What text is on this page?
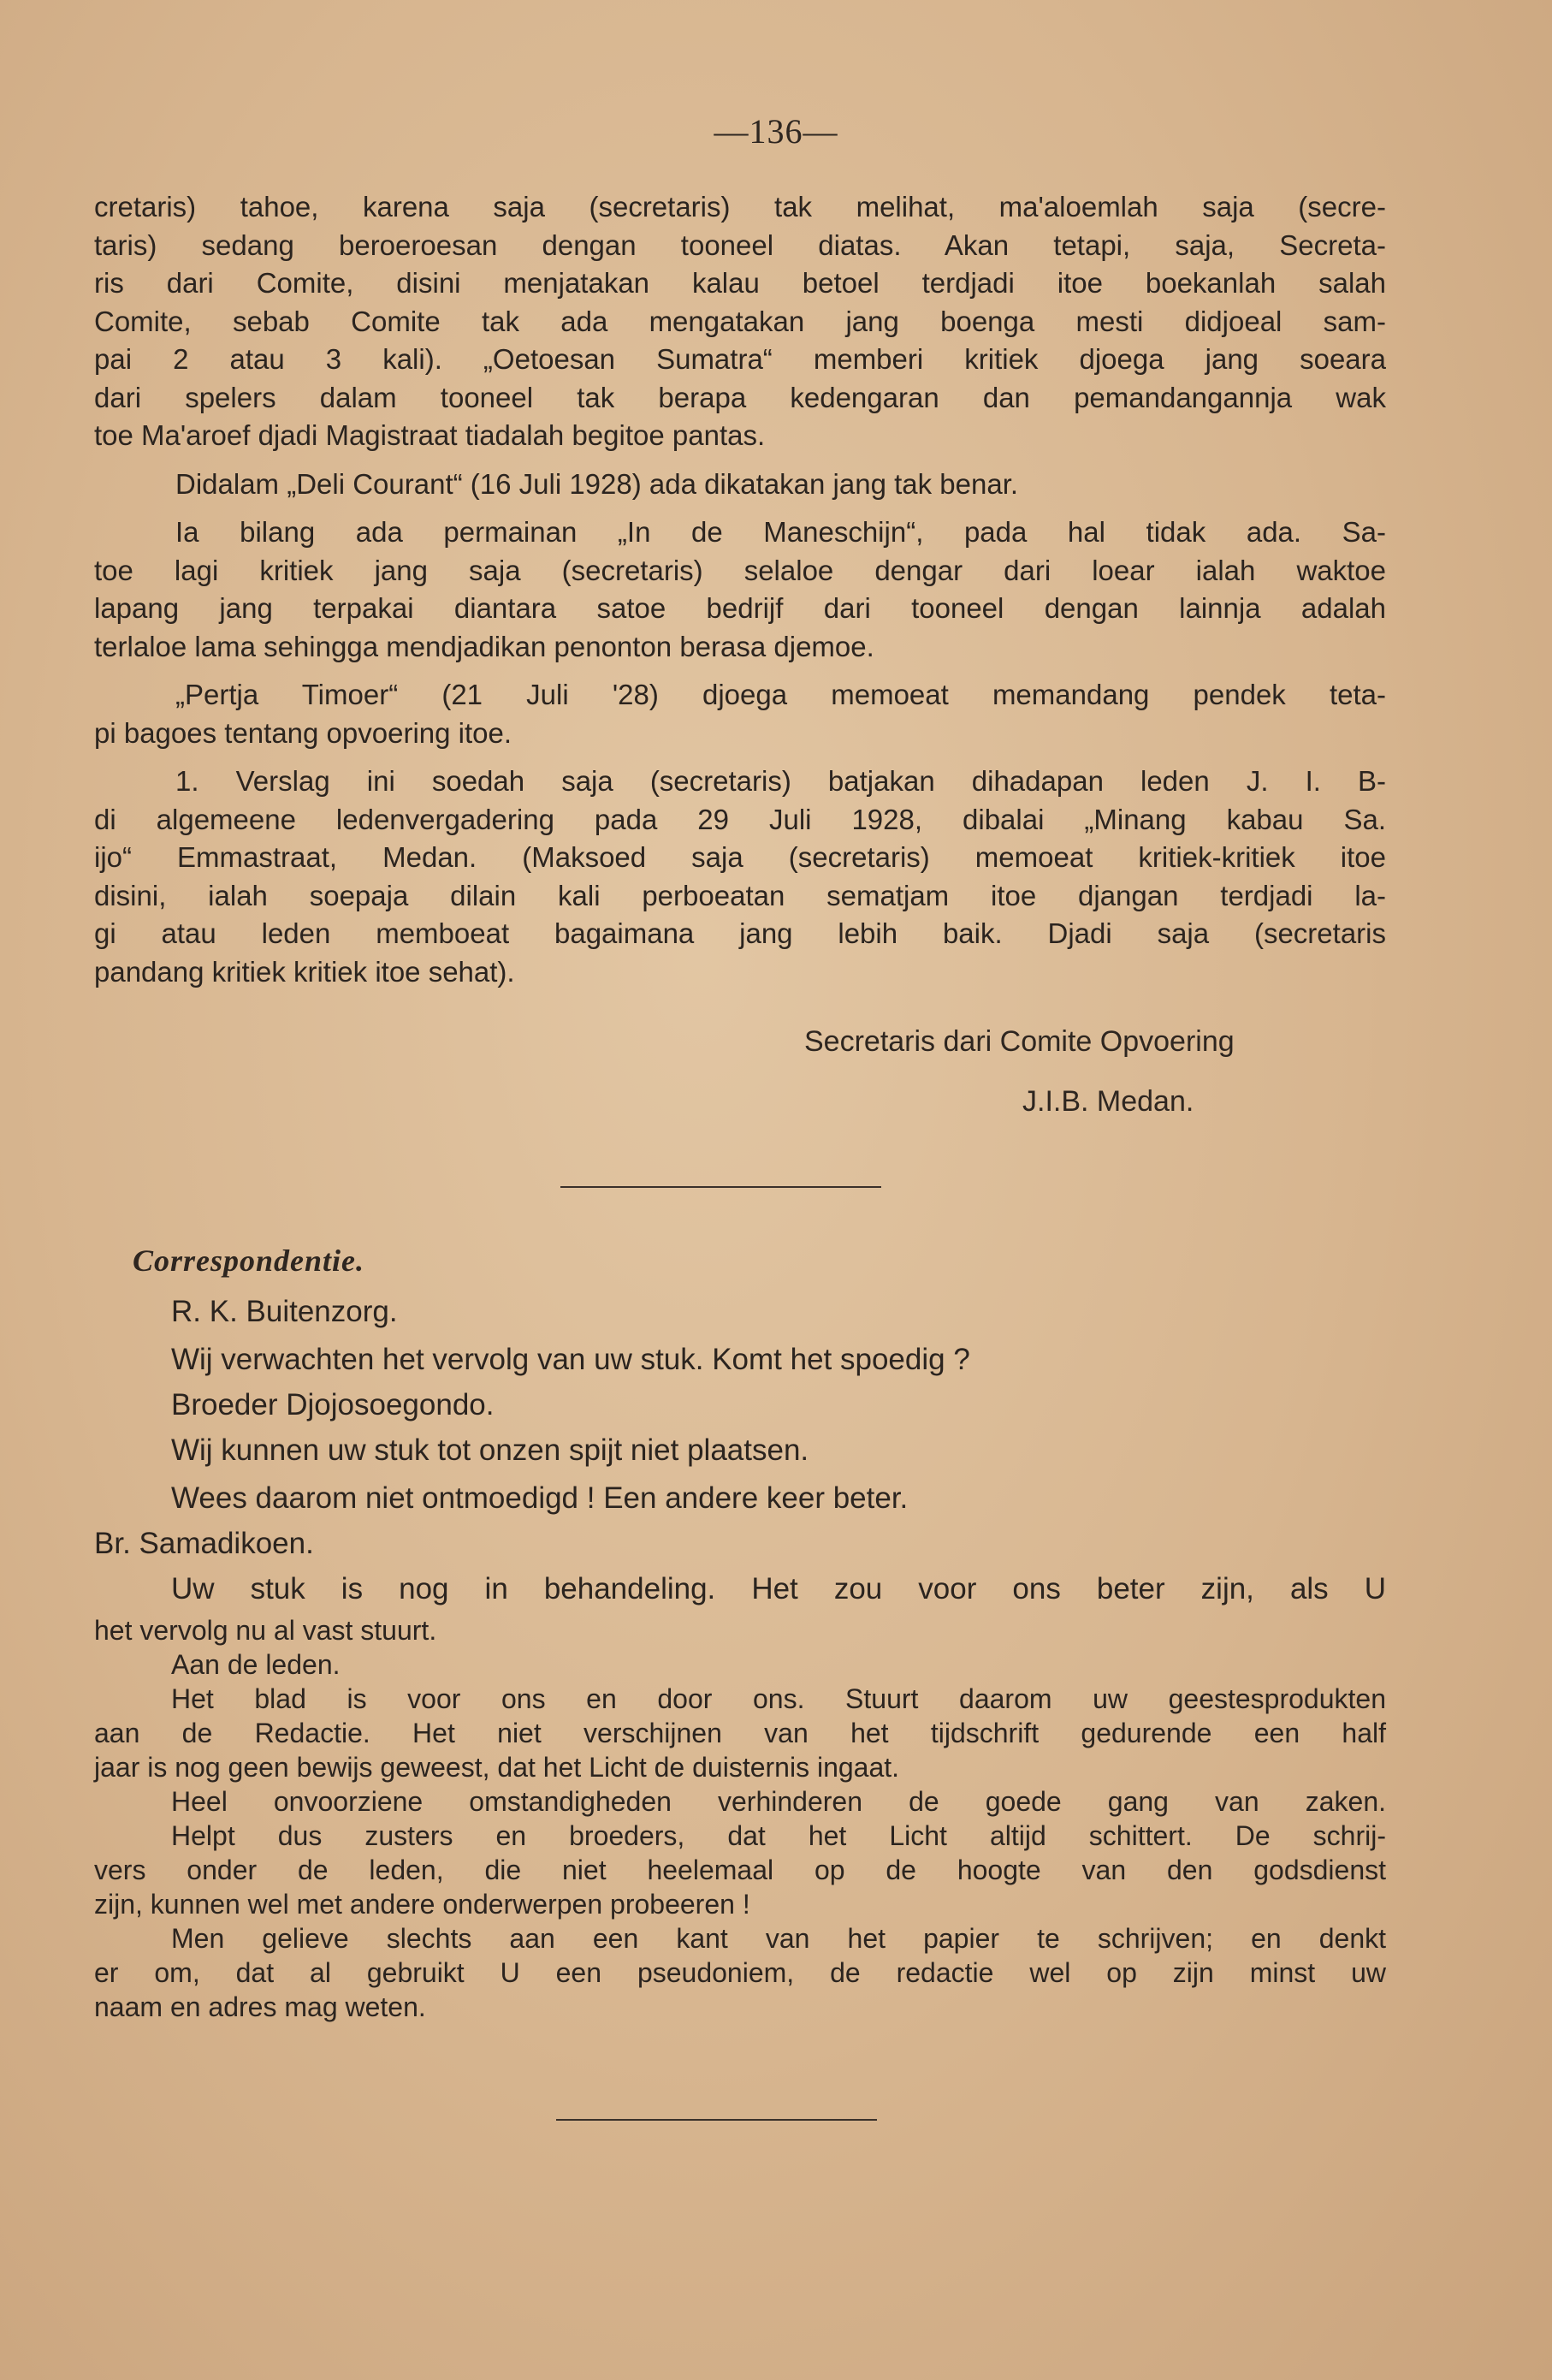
—136—
cretaris) tahoe, karena saja (secretaris) tak melihat, ma'aloemlah saja (secre-
taris) sedang beroeroesan dengan tooneel diatas. Akan tetapi, saja, Secreta-
ris dari Comite, disini menjatakan kalau betoel terdjadi itoe boekanlah salah
Comite, sebab Comite tak ada mengatakan jang boenga mesti didjoeal sam-
pai 2 atau 3 kali). „Oetoesan Sumatra“ memberi kritiek djoega jang soeara
dari spelers dalam tooneel tak berapa kedengaran dan pemandangannja wak
toe Ma'aroef djadi Magistraat tiadalah begitoe pantas.
Didalam „Deli Courant“ (16 Juli 1928) ada dikatakan jang tak benar.
Ia bilang ada permainan „In de Maneschijn“, pada hal tidak ada. Sa-
toe lagi kritiek jang saja (secretaris) selaloe dengar dari loear ialah waktoe
lapang jang terpakai diantara satoe bedrijf dari tooneel dengan lainnja adalah
terlaloe lama sehingga mendjadikan penonton berasa djemoe.
„Pertja Timoer“ (21 Juli '28) djoega memoeat memandang pendek teta-
pi bagoes tentang opvoering itoe.
1. Verslag ini soedah saja (secretaris) batjakan dihadapan leden J. I. B-
di algemeene ledenvergadering pada 29 Juli 1928, dibalai „Minang kabau Sa.
ijo“ Emmastraat, Medan. (Maksoed saja (secretaris) memoeat kritiek-kritiek itoe
disini, ialah soepaja dilain kali perboeatan sematjam itoe djangan terdjadi la-
gi atau leden memboeat bagaimana jang lebih baik. Djadi saja (secretaris
pandang kritiek kritiek itoe sehat).
Secretaris dari Comite Opvoering
J.I.B. Medan.
Correspondentie.
R. K. Buitenzorg.
Wij verwachten het vervolg van uw stuk. Komt het spoedig ?
Broeder Djojosoegondo.
Wij kunnen uw stuk tot onzen spijt niet plaatsen.
Wees daarom niet ontmoedigd ! Een andere keer beter.
Br. Samadikoen.
Uw stuk is nog in behandeling. Het zou voor ons beter zijn, als U
het vervolg nu al vast stuurt.
Aan de leden.
Het blad is voor ons en door ons. Stuurt daarom uw geestesprodukten
aan de Redactie. Het niet verschijnen van het tijdschrift gedurende een half
jaar is nog geen bewijs geweest, dat het Licht de duisternis ingaat.
Heel onvoorziene omstandigheden verhinderen de goede gang van zaken.
Helpt dus zusters en broeders, dat het Licht altijd schittert. De schrij-
vers onder de leden, die niet heelemaal op de hoogte van den godsdienst
zijn, kunnen wel met andere onderwerpen probeeren !
Men gelieve slechts aan een kant van het papier te schrijven; en denkt
er om, dat al gebruikt U een pseudoniem, de redactie wel op zijn minst uw
naam en adres mag weten.
